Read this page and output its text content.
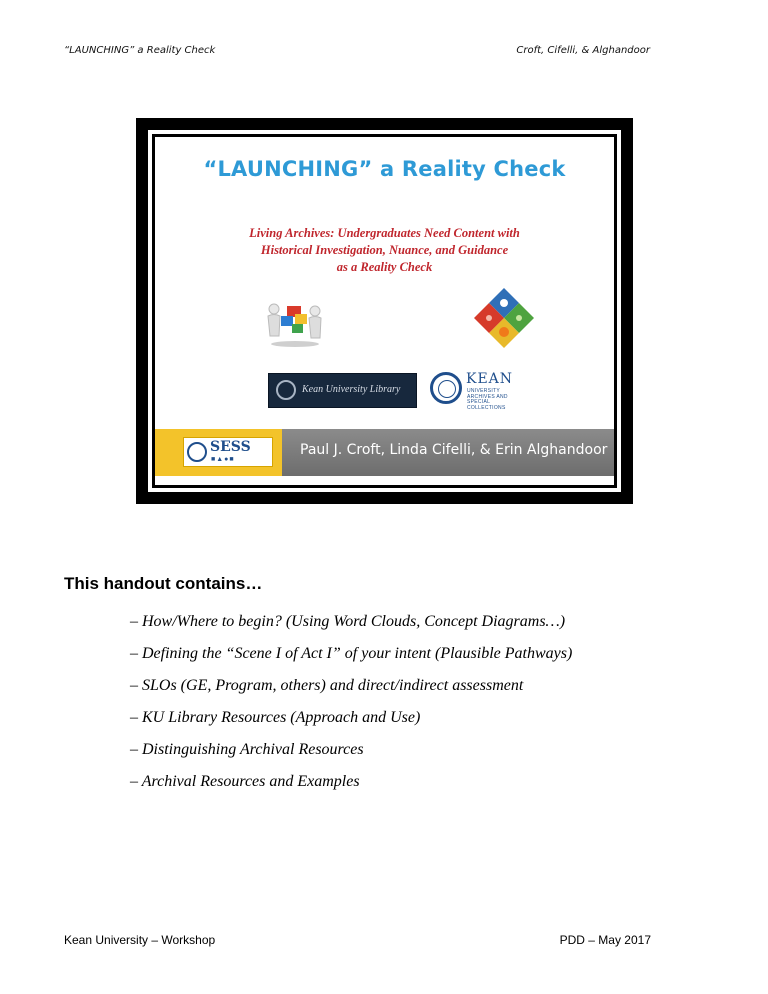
“LAUNCHING” a Reality Check	Croft, Cifelli, & Alghandoor
“LAUNCHING” a Reality Check
Living Archives: Undergraduates Need Content with
Historical Investigation, Nuance, and Guidance
as a Reality Check
Kean University Library
KEAN
UNIVERSITY ARCHIVES AND SPECIAL COLLECTIONS
SESS
■▲●■
Paul J. Croft, Linda Cifelli, & Erin Alghandoor
This handout contains…
– How/Where to begin? (Using Word Clouds, Concept Diagrams…)
– Defining the “Scene I of Act I” of your intent (Plausible Pathways)
– SLOs (GE, Program, others) and direct/indirect assessment
– KU Library Resources (Approach and Use)
– Distinguishing Archival Resources
– Archival Resources and Examples
Kean University – Workshop	PDD – May 2017
